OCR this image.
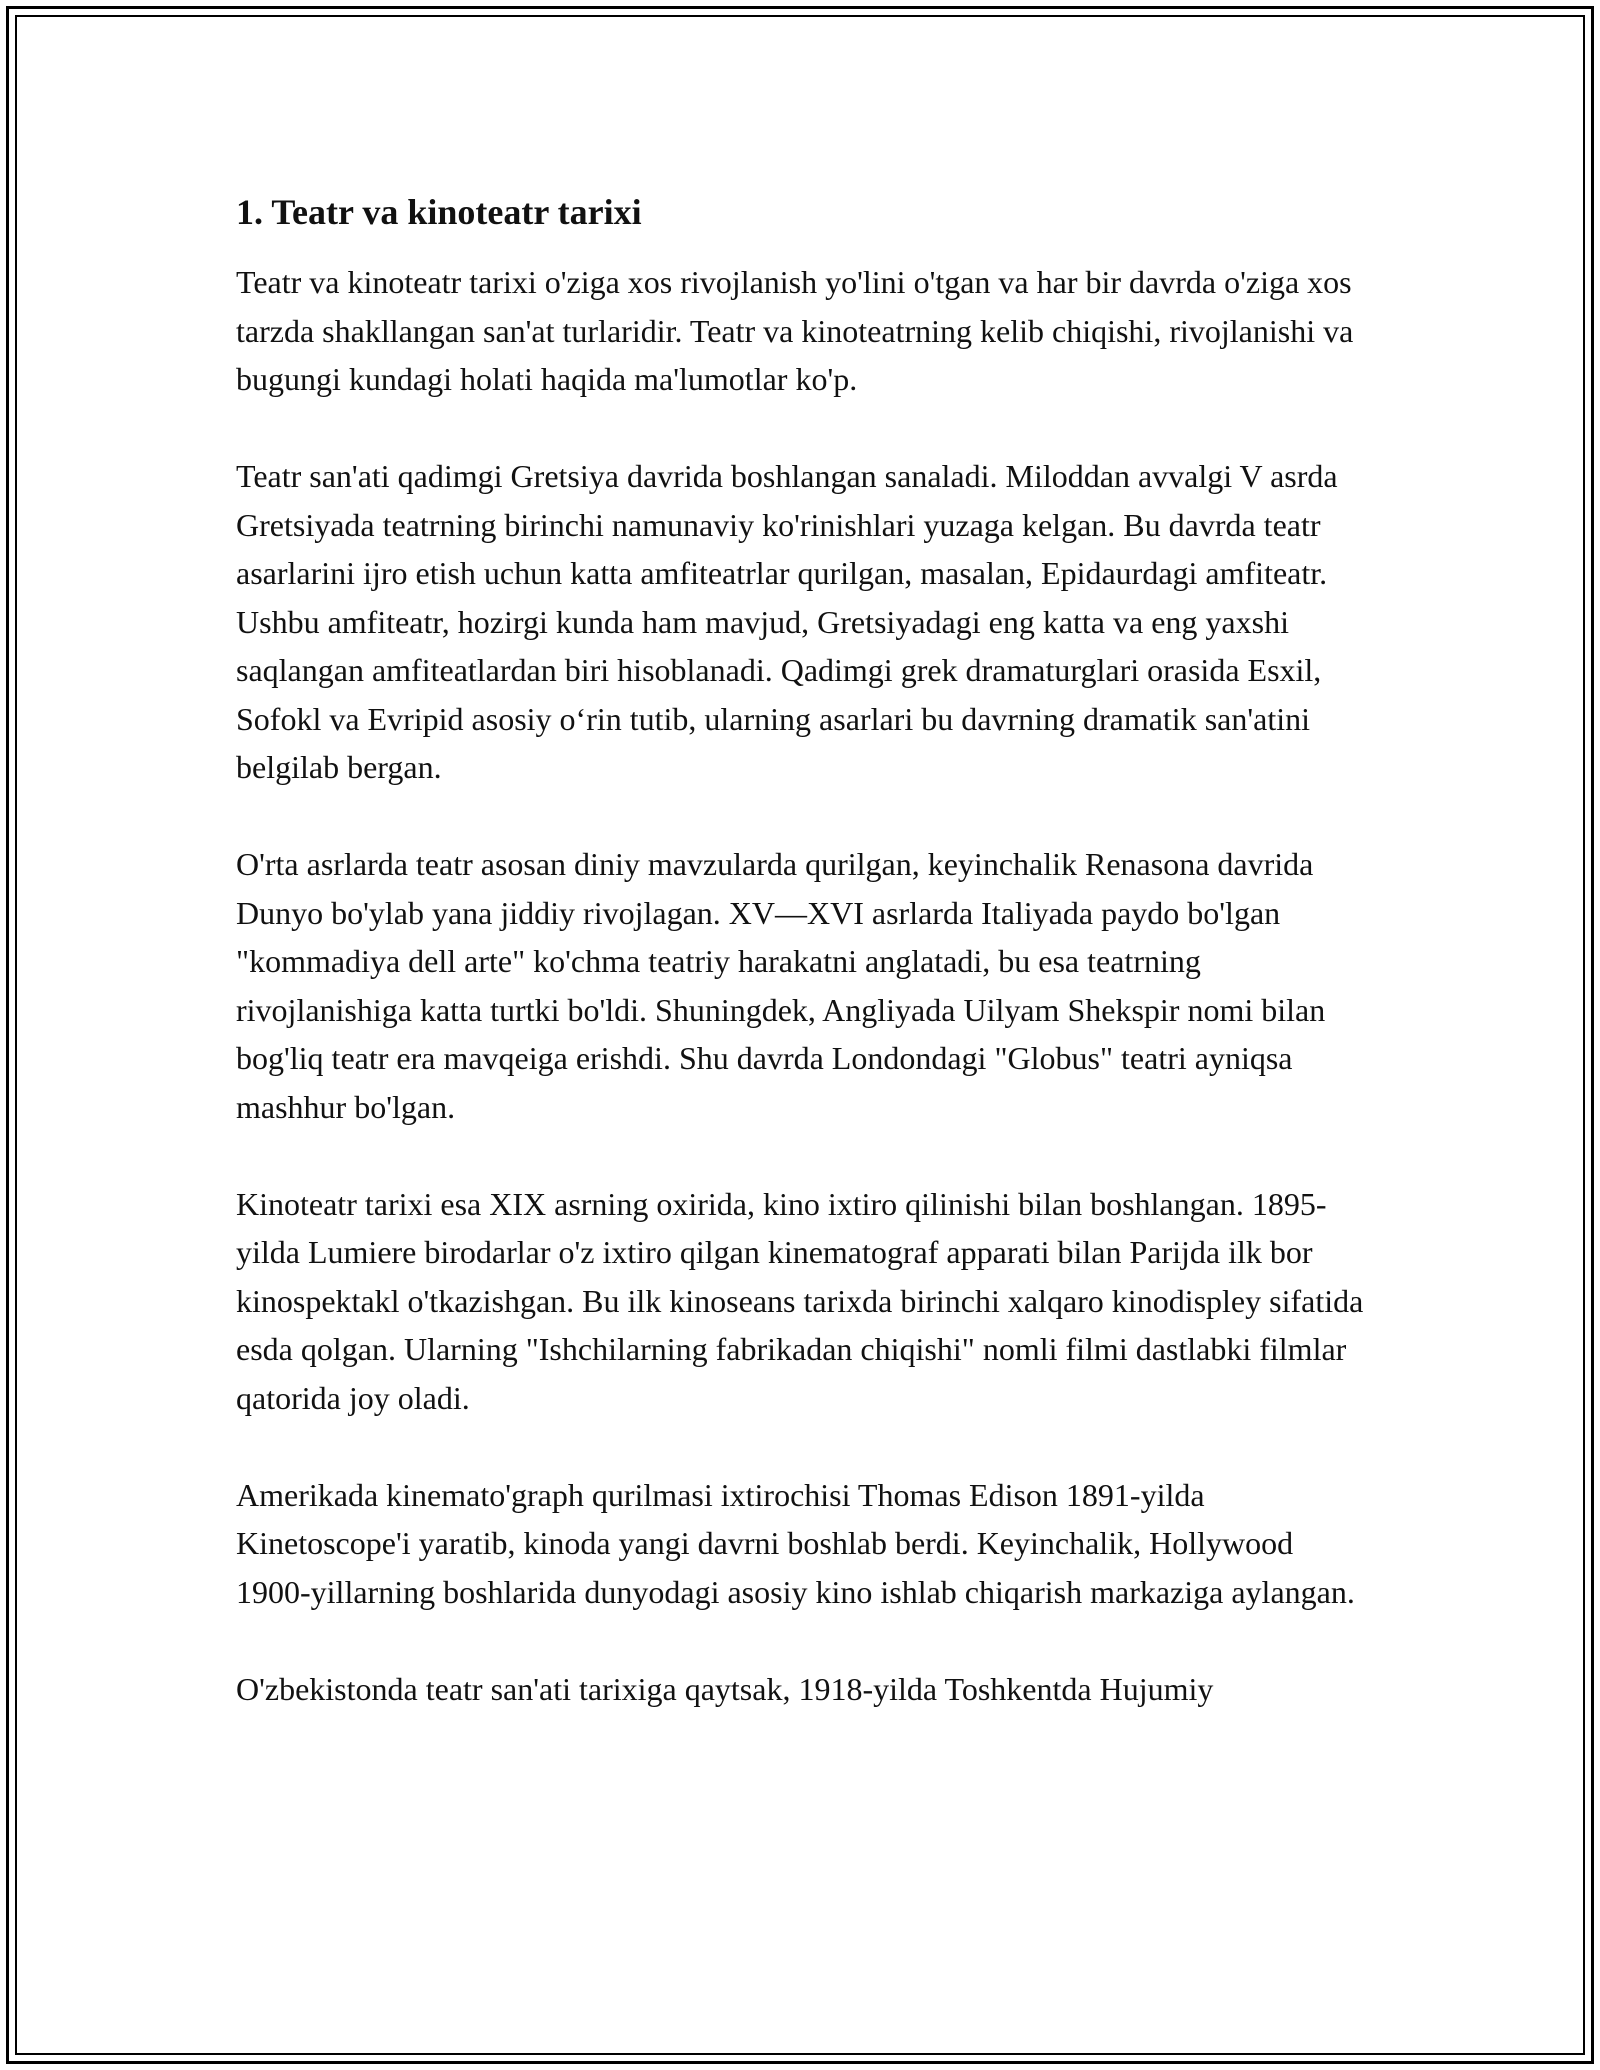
1. Teatr va kinoteatr tarixi

Teatr va kinoteatr tarixi o'ziga xos rivojlanish yo'lini o'tgan va har bir davrda o'ziga xos tarzda shakllangan san'at turlaridir. Teatr va kinoteatrning kelib chiqishi, rivojlanishi va bugungi kundagi holati haqida ma'lumotlar ko'p.

Teatr san'ati qadimgi Gretsiya davrida boshlangan sanaladi. Miloddan avvalgi V asrda Gretsiyada teatrning birinchi namunaviy ko'rinishlari yuzaga kelgan. Bu davrda teatr asarlarini ijro etish uchun katta amfiteatrlar qurilgan, masalan, Epidaurdagi amfiteatr. Ushbu amfiteatr, hozirgi kunda ham mavjud, Gretsiyadagi eng katta va eng yaxshi saqlangan amfiteatlardan biri hisoblanadi. Qadimgi grek dramaturglari orasida Esxil, Sofokl va Evripid asosiy o‘rin tutib, ularning asarlari bu davrning dramatik san'atini belgilab bergan.

O'rta asrlarda teatr asosan diniy mavzularda qurilgan, keyinchalik Renasona davrida Dunyo bo'ylab yana jiddiy rivojlagan. XV—XVI asrlarda Italiyada paydo bo'lgan "kommadiya dell arte" ko'chma teatriy harakatni anglatadi, bu esa teatrning rivojlanishiga katta turtki bo'ldi. Shuningdek, Angliyada Uilyam Shekspir nomi bilan bog'liq teatr era mavqeiga erishdi. Shu davrda Londondagi "Globus" teatri ayniqsa mashhur bo'lgan.

Kinoteatr tarixi esa XIX asrning oxirida, kino ixtiro qilinishi bilan boshlangan. 1895-yilda Lumiere birodarlar o'z ixtiro qilgan kinematograf apparati bilan Parijda ilk bor kinospektakl o'tkazishgan. Bu ilk kinoseans tarixda birinchi xalqaro kinodispley sifatida esda qolgan. Ularning "Ishchilarning fabrikadan chiqishi" nomli filmi dastlabki filmlar qatorida joy oladi.

Amerikada kinemato'graph qurilmasi ixtirochisi Thomas Edison 1891-yilda Kinetoscope'i yaratib, kinoda yangi davrni boshlab berdi. Keyinchalik, Hollywood 1900-yillarning boshlarida dunyodagi asosiy kino ishlab chiqarish markaziga aylangan.

O'zbekistonda teatr san'ati tarixiga qaytsak, 1918-yilda Toshkentda Hujumiy
